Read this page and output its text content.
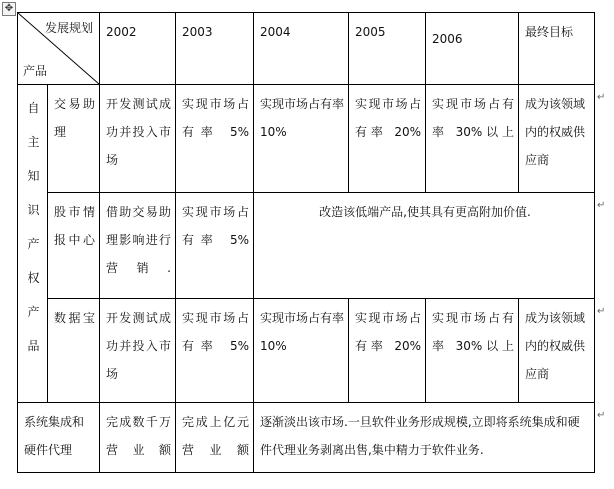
✥
发展规划
产品		2002	2003	2004	2005	2006	最终目标
自主知识产权产品	交易助理	开发测试成功并投入市场	实现市场占有率 5%	实现市场占有率 10%	实现市场占有率 20%	实现市场占有率 30%以上	成为该领域内的权威供应商
	股市情报中心	借助交易助理影响进行营销.	实现市场占有率 5%	改造该低端产品,使其具有更高附加价值.			
	数据宝	开发测试成功并投入市场	实现市场占有率 5%	实现市场占有率 10%	实现市场占有率 20%	实现市场占有率 30%以上	成为该领域内的权威供应商
系统集成和硬件代理		完成数千万营业额	完成上亿元营业额	逐渐淡出该市场.一旦软件业务形成规模,立即将系统集成和硬件代理业务剥离出售,集中精力于软件业务.			
↵
↵
↵
↵
